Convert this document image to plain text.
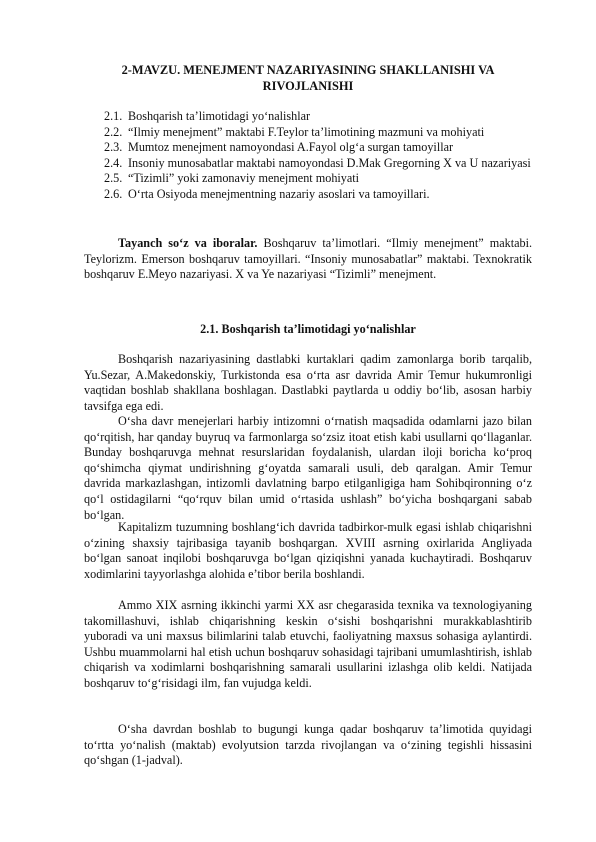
2-MAVZU. MENEJMENT NAZARIYASINING SHAKLLANISHI VA RIVOJLANISHI
2.1. Boshqarish ta’limotidagi yo‘nalishlar
2.2. “Ilmiy menejment” maktabi F.Teylor ta’limotining mazmuni va mohiyati
2.3. Mumtoz menejment namoyondasi A.Fayol olg‘a surgan tamoyillar
2.4. Insoniy munosabatlar maktabi namoyondasi D.Mak Gregorning X va U nazariyasi
2.5. “Tizimli” yoki zamonaviy menejment mohiyati
2.6. O‘rta Osiyoda menejmentning nazariy asoslari va tamoyillari.
Tayanch so‘z va iboralar. Boshqaruv ta’limotlari. “Ilmiy menejment” maktabi. Teylorizm. Emerson boshqaruv tamoyillari. “Insoniy munosabatlar” maktabi. Texnokratik boshqaruv E.Meyo nazariyasi. X va Ye nazariyasi “Tizimli” menejment.
2.1. Boshqarish ta’limotidagi yo‘nalishlar
Boshqarish nazariyasining dastlabki kurtaklari qadim zamonlarga borib tarqalib, Yu.Sezar, A.Makedonskiy, Turkistonda esa o‘rta asr davrida Amir Temur hukumronligi vaqtidan boshlab shakllana boshlagan. Dastlabki paytlarda u oddiy bo‘lib, asosan harbiy tavsifga ega edi.
O‘sha davr menejerlari harbiy intizomni o‘rnatish maqsadida odamlarni jazo bilan qo‘rqitish, har qanday buyruq va farmonlarga so‘zsiz itoat etish kabi usullarni qo‘llaganlar. Bunday boshqaruvga mehnat resurslaridan foydalanish, ulardan iloji boricha ko‘proq qo‘shimcha qiymat undirishning g‘oyatda samarali usuli, deb qaralgan. Amir Temur davrida markazlashgan, intizomli davlatning barpo etilganligiga ham Sohibqironning o‘z qo‘l ostidagilarni “qo‘rquv bilan umid o‘rtasida ushlash” bo‘yicha boshqargani sabab bo‘lgan.
Kapitalizm tuzumning boshlang‘ich davrida tadbirkor-mulk egasi ishlab chiqarishni o‘zining shaxsiy tajribasiga tayanib boshqargan. XVIII asrning oxirlarida Angliyada bo‘lgan sanoat inqilobi boshqaruvga bo‘lgan qiziqishni yanada kuchaytiradi. Boshqaruv xodimlarini tayyorlashga alohida e’tibor berila boshlandi.
Ammo XIX asrning ikkinchi yarmi XX asr chegarasida texnika va texnologiyaning takomillashuvi, ishlab chiqarishning keskin o‘sishi boshqarishni murakkablashtirib yuboradi va uni maxsus bilimlarini talab etuvchi, faoliyatning maxsus sohasiga aylantirdi. Ushbu muammolarni hal etish uchun boshqaruv sohasidagi tajribani umumlashtirish, ishlab chiqarish va xodimlarni boshqarishning samarali usullarini izlashga olib keldi. Natijada boshqaruv to‘g‘risidagi ilm, fan vujudga keldi.
O‘sha davrdan boshlab to bugungi kunga qadar boshqaruv ta’limotida quyidagi to‘rtta yo‘nalish (maktab) evolyutsion tarzda rivojlangan va o‘zining tegishli hissasini qo‘shgan (1-jadval).
